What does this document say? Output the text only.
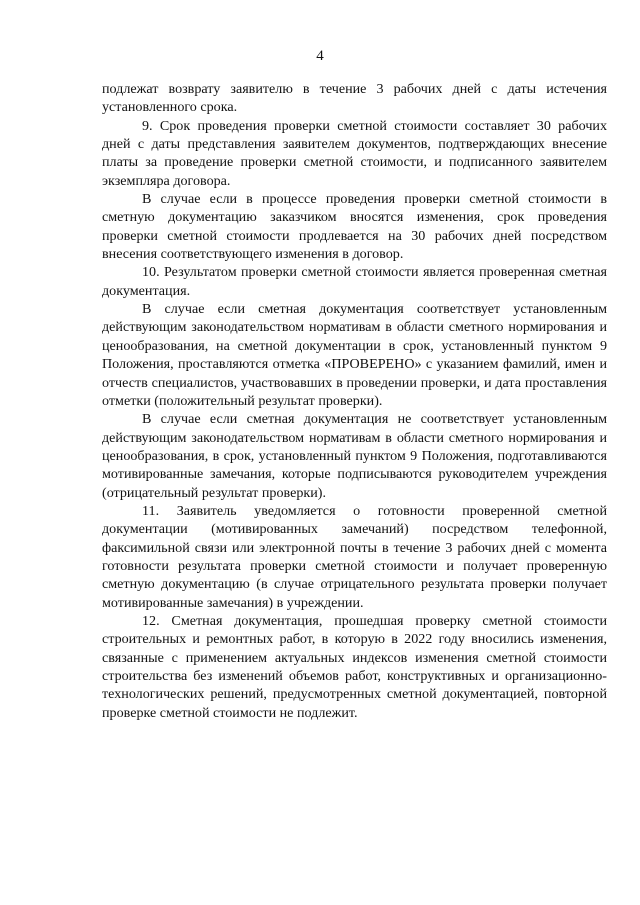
4

подлежат возврату заявителю в течение 3 рабочих дней с даты истечения установленного срока.

9. Срок проведения проверки сметной стоимости составляет 30 рабочих дней с даты представления заявителем документов, подтверждающих внесение платы за проведение проверки сметной стоимости, и подписанного заявителем экземпляра договора.

В случае если в процессе проведения проверки сметной стоимости в сметную документацию заказчиком вносятся изменения, срок проведения проверки сметной стоимости продлевается на 30 рабочих дней посредством внесения соответствующего изменения в договор.

10. Результатом проверки сметной стоимости является проверенная сметная документация.

В случае если сметная документация соответствует установленным действующим законодательством нормативам в области сметного нормирования и ценообразования, на сметной документации в срок, установленный пунктом 9 Положения, проставляются отметка «ПРОВЕРЕНО» с указанием фамилий, имен и отчеств специалистов, участвовавших в проведении проверки, и дата проставления отметки (положительный результат проверки).

В случае если сметная документация не соответствует установленным действующим законодательством нормативам в области сметного нормирования и ценообразования, в срок, установленный пунктом 9 Положения, подготавливаются мотивированные замечания, которые подписываются руководителем учреждения (отрицательный результат проверки).

11. Заявитель уведомляется о готовности проверенной сметной документации (мотивированных замечаний) посредством телефонной, факсимильной связи или электронной почты в течение 3 рабочих дней с момента готовности результата проверки сметной стоимости и получает проверенную сметную документацию (в случае отрицательного результата проверки получает мотивированные замечания) в учреждении.

12. Сметная документация, прошедшая проверку сметной стоимости строительных и ремонтных работ, в которую в 2022 году вносились изменения, связанные с применением актуальных индексов изменения сметной стоимости строительства без изменений объемов работ, конструктивных и организационно-технологических решений, предусмотренных сметной документацией, повторной проверке сметной стоимости не подлежит.
